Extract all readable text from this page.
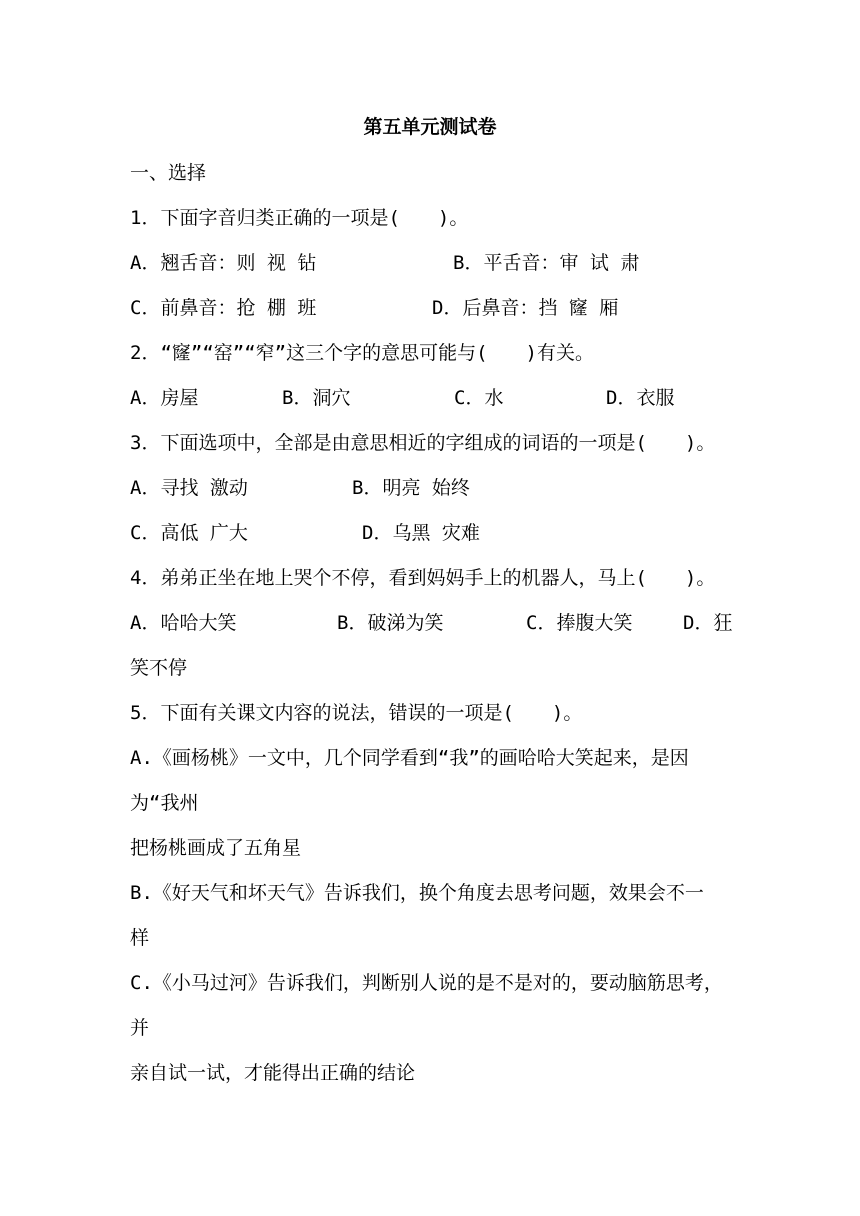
第五单元测试卷
一、选择
1．下面字音归类正确的一项是(　　)。
A．翘舌音：则 视 钻	B．平舌音：审 试 肃
C．前鼻音：抢 棚 班	D．后鼻音：挡 窿 厢
2．“窿”“窑”“窄”这三个字的意思可能与(　　)有关。
A．房屋	B．洞穴	C．水	D．衣服
3．下面选项中，全部是由意思相近的字组成的词语的一项是(　　)。
A．寻找 激动	B．明亮 始终
C．高低 广大	D．乌黑 灾难
4．弟弟正坐在地上哭个不停，看到妈妈手上的机器人，马上(　　)。
A．哈哈大笑	B．破涕为笑	C．捧腹大笑	D．狂
笑不停
5．下面有关课文内容的说法，错误的一项是(　　)。
A.《画杨桃》一文中，几个同学看到“我”的画哈哈大笑起来，是因
为“我州
把杨桃画成了五角星
B.《好天气和坏天气》告诉我们，换个角度去思考问题，效果会不一
样
C.《小马过河》告诉我们，判断别人说的是不是对的，要动脑筋思考，
并
亲自试一试，才能得出正确的结论
